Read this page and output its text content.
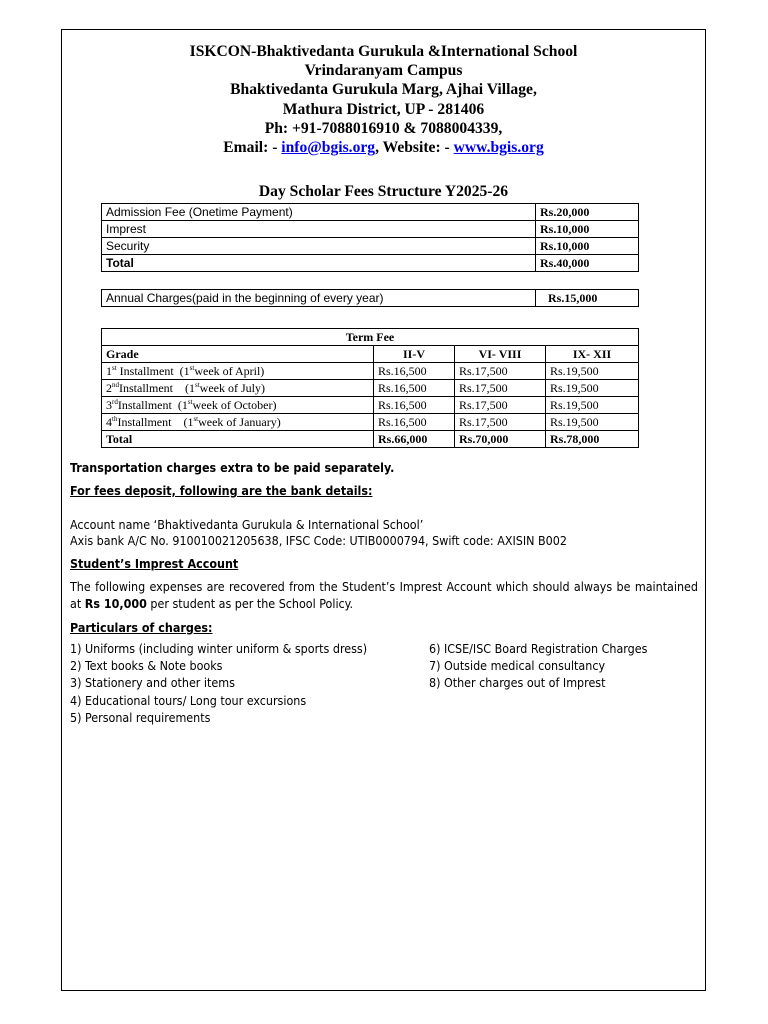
ISKCON-Bhaktivedanta Gurukula &International School
Vrindaranyam Campus
Bhaktivedanta Gurukula Marg, Ajhai Village,
Mathura District, UP - 281406
Ph: +91-7088016910 & 7088004339,
Email: - info@bgis.org, Website: - www.bgis.org
Day Scholar Fees Structure Y2025-26
Admission Fee (Onetime Payment)	Rs.20,000
Imprest	Rs.10,000
Security	Rs.10,000
Total	Rs.40,000
Annual Charges(paid in the beginning of every year)	Rs.15,000
Term Fee			
Grade	II-V	VI- VIII	IX- XII
1st Installment  (1stweek of April)	Rs.16,500	Rs.17,500	Rs.19,500
2ndInstallment    (1stweek of July)	Rs.16,500	Rs.17,500	Rs.19,500
3rdInstallment  (1stweek of October)	Rs.16,500	Rs.17,500	Rs.19,500
4thInstallment    (1stweek of January)	Rs.16,500	Rs.17,500	Rs.19,500
Total	Rs.66,000	Rs.70,000	Rs.78,000
Transportation charges extra to be paid separately.
For fees deposit, following are the bank details:
Account name ‘Bhaktivedanta Gurukula & International School’
Axis bank A/C No. 910010021205638, IFSC Code: UTIB0000794, Swift code: AXISIN B002
Student’s Imprest Account
The following expenses are recovered from the Student’s Imprest Account which should always be maintained at Rs 10,000 per student as per the School Policy.
Particulars of charges:
1) Uniforms (including winter uniform & sports dress)
2) Text books & Note books
3) Stationery and other items
4) Educational tours/ Long tour excursions
5) Personal requirements
6) ICSE/ISC Board Registration Charges
7) Outside medical consultancy
8) Other charges out of Imprest
